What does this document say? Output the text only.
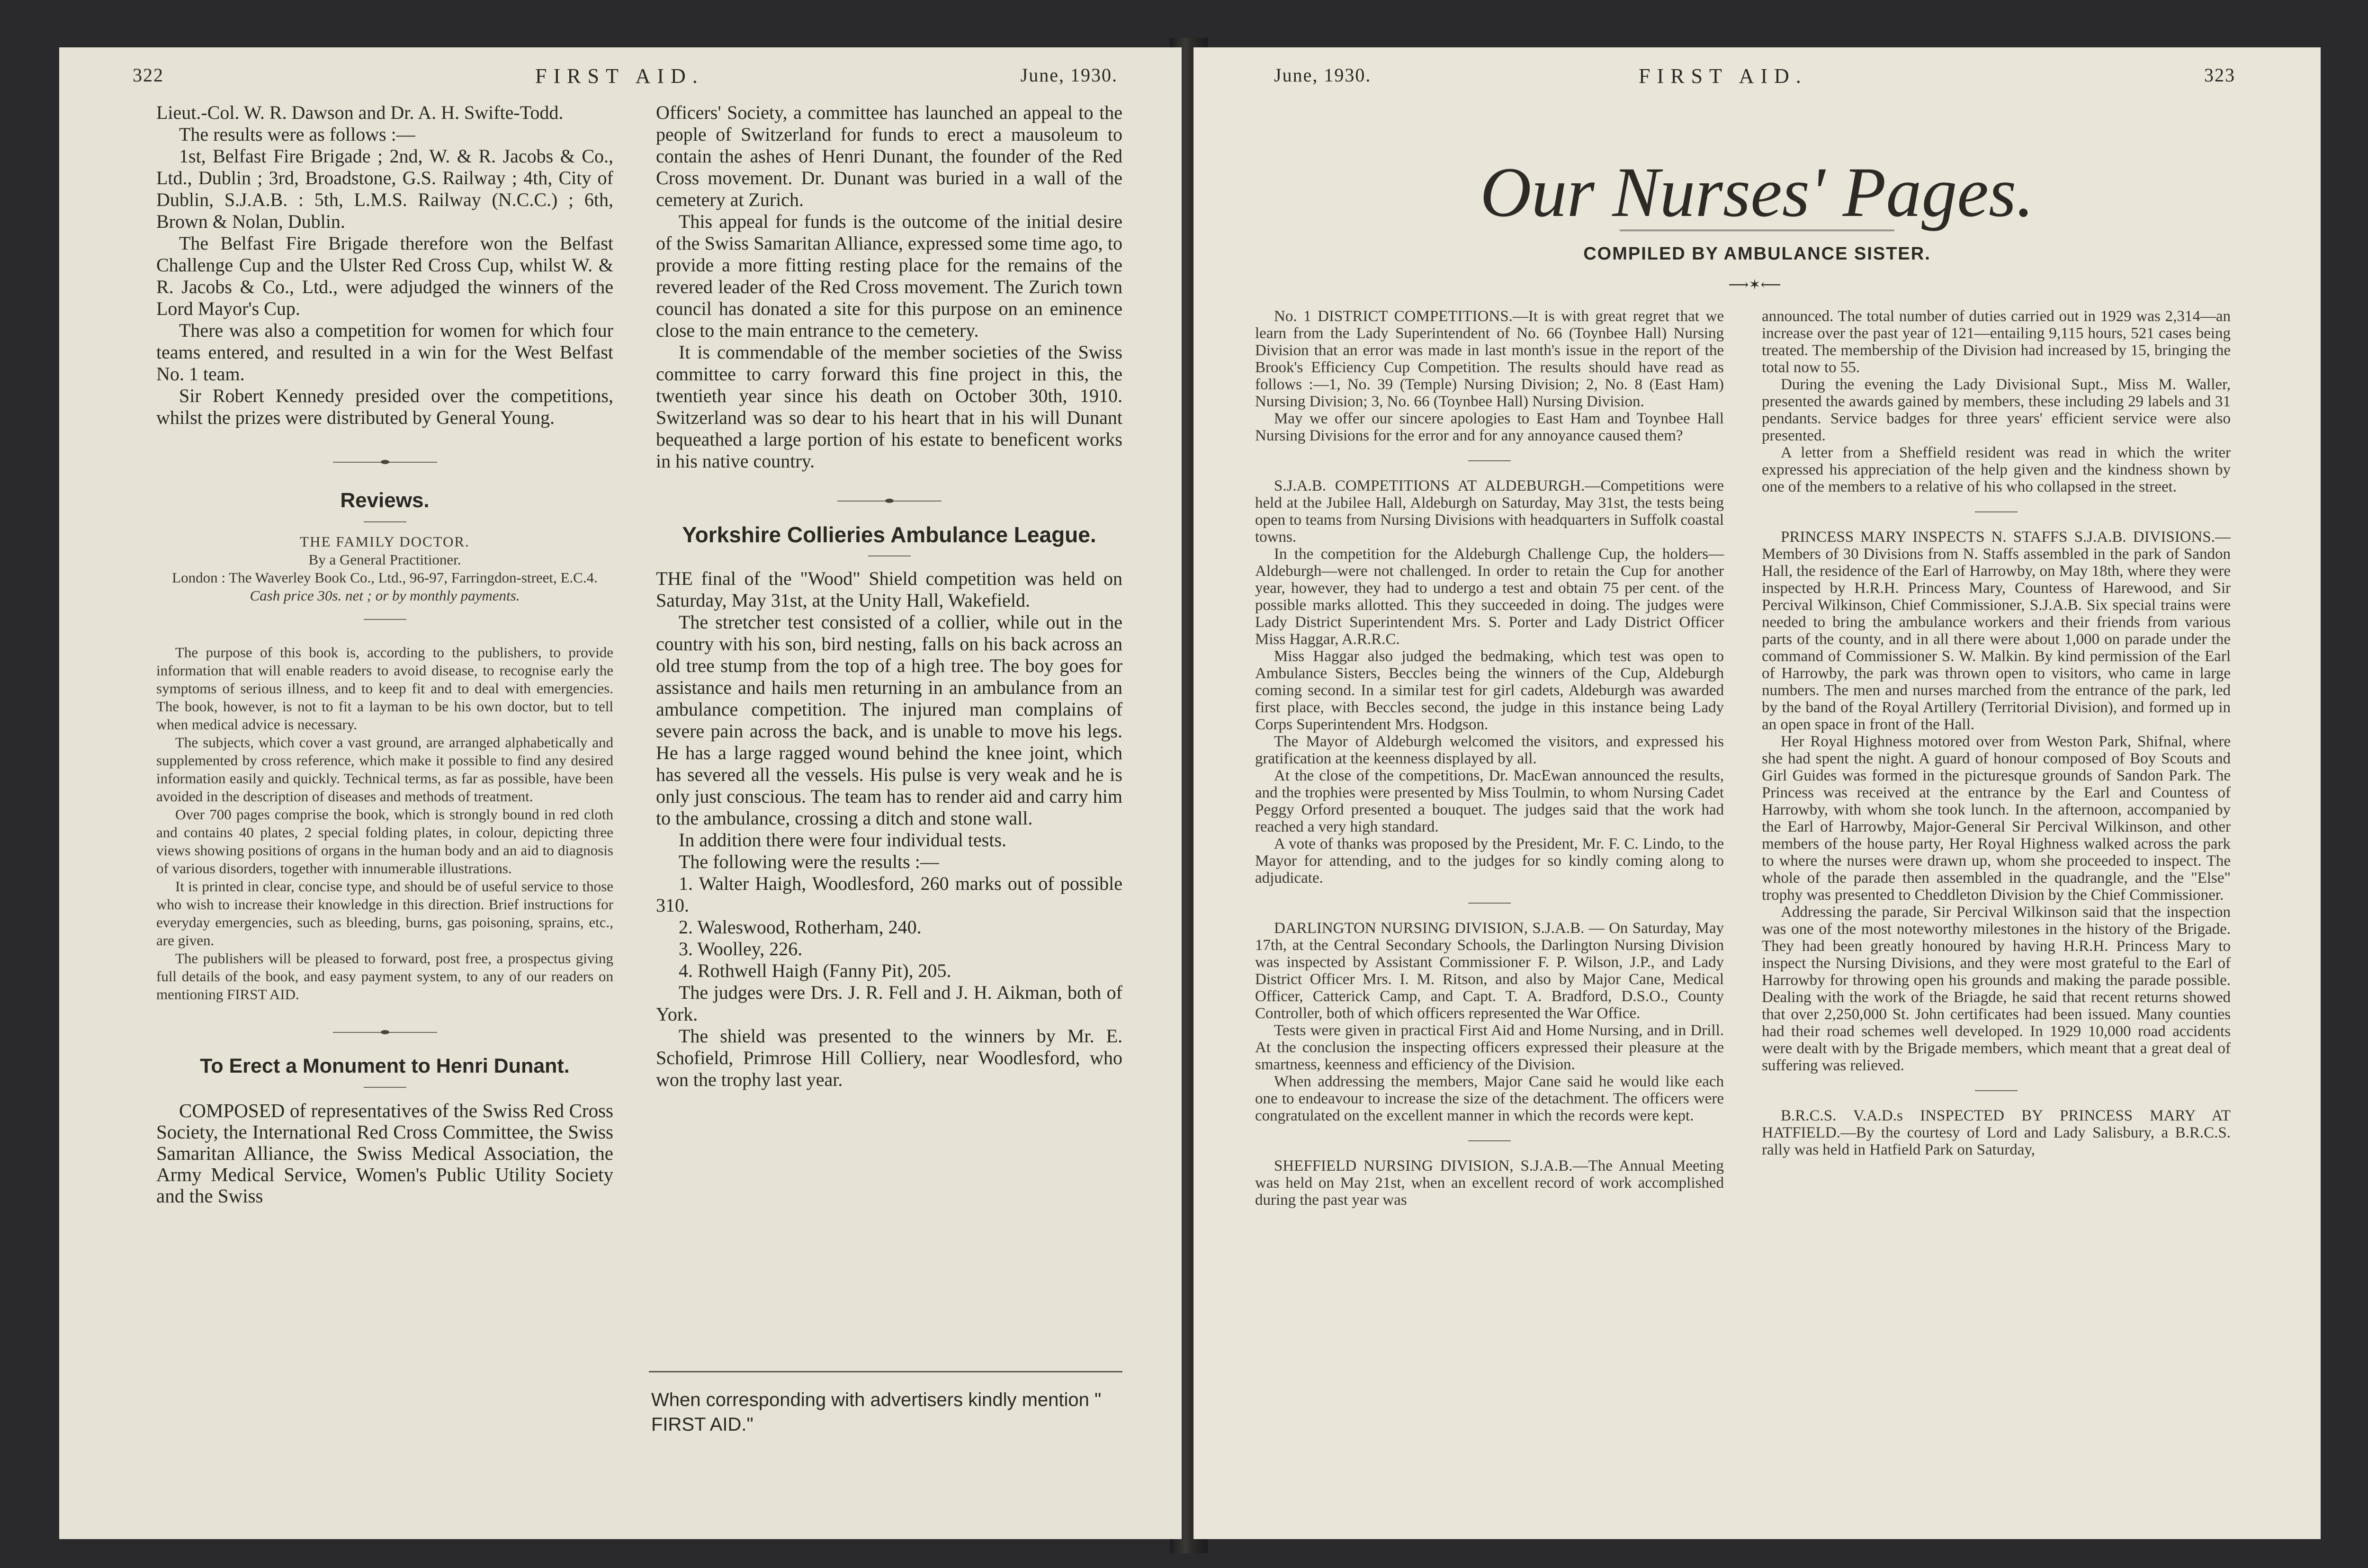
322	FIRST AID.	June, 1930.

Lieut.-Col. W. R. Dawson and Dr. A. H. Swifte-Todd.

The results were as follows :—

1st, Belfast Fire Brigade ; 2nd, W. & R. Jacobs & Co., Ltd., Dublin ; 3rd, Broadstone, G.S. Railway ; 4th, City of Dublin, S.J.A.B. : 5th, L.M.S. Railway (N.C.C.) ; 6th, Brown & Nolan, Dublin.

The Belfast Fire Brigade therefore won the Belfast Challenge Cup and the Ulster Red Cross Cup, whilst W. & R. Jacobs & Co., Ltd., were adjudged the winners of the Lord Mayor's Cup.

There was also a competition for women for which four teams entered, and resulted in a win for the West Belfast No. 1 team.

Sir Robert Kennedy presided over the competitions, whilst the prizes were distributed by General Young.

Reviews.

THE FAMILY DOCTOR.

By a General Practitioner.

London : The Waverley Book Co., Ltd., 96-97, Farringdon-street, E.C.4.

Cash price 30s. net ; or by monthly payments.

The purpose of this book is, according to the publishers, to provide information that will enable readers to avoid disease, to recognise early the symptoms of serious illness, and to keep fit and to deal with emergencies. The book, however, is not to fit a layman to be his own doctor, but to tell when medical advice is necessary.

The subjects, which cover a vast ground, are arranged alphabetically and supplemented by cross reference, which make it possible to find any desired information easily and quickly. Technical terms, as far as possible, have been avoided in the description of diseases and methods of treatment.

Over 700 pages comprise the book, which is strongly bound in red cloth and contains 40 plates, 2 special folding plates, in colour, depicting three views showing positions of organs in the human body and an aid to diagnosis of various disorders, together with innumerable illustrations.

It is printed in clear, concise type, and should be of useful service to those who wish to increase their knowledge in this direction. Brief instructions for everyday emergencies, such as bleeding, burns, gas poisoning, sprains, etc., are given.

The publishers will be pleased to forward, post free, a prospectus giving full details of the book, and easy payment system, to any of our readers on mentioning FIRST AID.

To Erect a Monument to Henri Dunant.

COMPOSED of representatives of the Swiss Red Cross Society, the International Red Cross Committee, the Swiss Samaritan Alliance, the Swiss Medical Association, the Army Medical Service, Women's Public Utility Society and the Swiss

Officers' Society, a committee has launched an appeal to the people of Switzerland for funds to erect a mausoleum to contain the ashes of Henri Dunant, the founder of the Red Cross movement. Dr. Dunant was buried in a wall of the cemetery at Zurich.

This appeal for funds is the outcome of the initial desire of the Swiss Samaritan Alliance, expressed some time ago, to provide a more fitting resting place for the remains of the revered leader of the Red Cross movement. The Zurich town council has donated a site for this purpose on an eminence close to the main entrance to the cemetery.

It is commendable of the member societies of the Swiss committee to carry forward this fine project in this, the twentieth year since his death on October 30th, 1910. Switzerland was so dear to his heart that in his will Dunant bequeathed a large portion of his estate to beneficent works in his native country.

Yorkshire Collieries Ambulance League.

THE final of the "Wood" Shield competition was held on Saturday, May 31st, at the Unity Hall, Wakefield.

The stretcher test consisted of a collier, while out in the country with his son, bird nesting, falls on his back across an old tree stump from the top of a high tree. The boy goes for assistance and hails men returning in an ambulance from an ambulance competition. The injured man complains of severe pain across the back, and is unable to move his legs. He has a large ragged wound behind the knee joint, which has severed all the vessels. His pulse is very weak and he is only just conscious. The team has to render aid and carry him to the ambulance, crossing a ditch and stone wall.

In addition there were four individual tests.

The following were the results :—

1. Walter Haigh, Woodlesford, 260 marks out of possible 310.

2. Waleswood, Rotherham, 240.

3. Woolley, 226.

4. Rothwell Haigh (Fanny Pit), 205.

The judges were Drs. J. R. Fell and J. H. Aikman, both of York.

The shield was presented to the winners by Mr. E. Schofield, Primrose Hill Colliery, near Woodlesford, who won the trophy last year.

When corresponding with advertisers kindly mention " FIRST AID."
June, 1930.	FIRST AID.	323

Our Nurses' Pages.

COMPILED BY AMBULANCE SISTER.

⟶✶⟵

No. 1 DISTRICT COMPETITIONS.—It is with great regret that we learn from the Lady Superintendent of No. 66 (Toynbee Hall) Nursing Division that an error was made in last month's issue in the report of the Brook's Efficiency Cup Competition. The results should have read as follows :—1, No. 39 (Temple) Nursing Division; 2, No. 8 (East Ham) Nursing Division; 3, No. 66 (Toynbee Hall) Nursing Division.

May we offer our sincere apologies to East Ham and Toynbee Hall Nursing Divisions for the error and for any annoyance caused them?

S.J.A.B. COMPETITIONS AT ALDEBURGH.—Competitions were held at the Jubilee Hall, Aldeburgh on Saturday, May 31st, the tests being open to teams from Nursing Divisions with headquarters in Suffolk coastal towns.

In the competition for the Aldeburgh Challenge Cup, the holders—Aldeburgh—were not challenged. In order to retain the Cup for another year, however, they had to undergo a test and obtain 75 per cent. of the possible marks allotted. This they succeeded in doing. The judges were Lady District Superintendent Mrs. S. Porter and Lady District Officer Miss Haggar, A.R.R.C.

Miss Haggar also judged the bedmaking, which test was open to Ambulance Sisters, Beccles being the winners of the Cup, Aldeburgh coming second. In a similar test for girl cadets, Aldeburgh was awarded first place, with Beccles second, the judge in this instance being Lady Corps Superintendent Mrs. Hodgson.

The Mayor of Aldeburgh welcomed the visitors, and expressed his gratification at the keenness displayed by all.

At the close of the competitions, Dr. MacEwan announced the results, and the trophies were presented by Miss Toulmin, to whom Nursing Cadet Peggy Orford presented a bouquet. The judges said that the work had reached a very high standard.

A vote of thanks was proposed by the President, Mr. F. C. Lindo, to the Mayor for attending, and to the judges for so kindly coming along to adjudicate.

DARLINGTON NURSING DIVISION, S.J.A.B. — On Saturday, May 17th, at the Central Secondary Schools, the Darlington Nursing Division was inspected by Assistant Commissioner F. P. Wilson, J.P., and Lady District Officer Mrs. I. M. Ritson, and also by Major Cane, Medical Officer, Catterick Camp, and Capt. T. A. Bradford, D.S.O., County Controller, both of which officers represented the War Office.

Tests were given in practical First Aid and Home Nursing, and in Drill. At the conclusion the inspecting officers expressed their pleasure at the smartness, keenness and efficiency of the Division.

When addressing the members, Major Cane said he would like each one to endeavour to increase the size of the detachment. The officers were congratulated on the excellent manner in which the records were kept.

SHEFFIELD NURSING DIVISION, S.J.A.B.—The Annual Meeting was held on May 21st, when an excellent record of work accomplished during the past year was

announced. The total number of duties carried out in 1929 was 2,314—an increase over the past year of 121—entailing 9,115 hours, 521 cases being treated. The membership of the Division had increased by 15, bringing the total now to 55.

During the evening the Lady Divisional Supt., Miss M. Waller, presented the awards gained by members, these including 29 labels and 31 pendants. Service badges for three years' efficient service were also presented.

A letter from a Sheffield resident was read in which the writer expressed his appreciation of the help given and the kindness shown by one of the members to a relative of his who collapsed in the street.

PRINCESS MARY INSPECTS N. STAFFS S.J.A.B. DIVISIONS.—Members of 30 Divisions from N. Staffs assembled in the park of Sandon Hall, the residence of the Earl of Harrowby, on May 18th, where they were inspected by H.R.H. Princess Mary, Countess of Harewood, and Sir Percival Wilkinson, Chief Commissioner, S.J.A.B. Six special trains were needed to bring the ambulance workers and their friends from various parts of the county, and in all there were about 1,000 on parade under the command of Commissioner S. W. Malkin. By kind permission of the Earl of Harrowby, the park was thrown open to visitors, who came in large numbers. The men and nurses marched from the entrance of the park, led by the band of the Royal Artillery (Territorial Division), and formed up in an open space in front of the Hall.

Her Royal Highness motored over from Weston Park, Shifnal, where she had spent the night. A guard of honour composed of Boy Scouts and Girl Guides was formed in the picturesque grounds of Sandon Park. The Princess was received at the entrance by the Earl and Countess of Harrowby, with whom she took lunch. In the afternoon, accompanied by the Earl of Harrowby, Major-General Sir Percival Wilkinson, and other members of the house party, Her Royal Highness walked across the park to where the nurses were drawn up, whom she proceeded to inspect. The whole of the parade then assembled in the quadrangle, and the "Else" trophy was presented to Cheddleton Division by the Chief Commissioner.

Addressing the parade, Sir Percival Wilkinson said that the inspection was one of the most noteworthy milestones in the history of the Brigade. They had been greatly honoured by having H.R.H. Princess Mary to inspect the Nursing Divisions, and they were most grateful to the Earl of Harrowby for throwing open his grounds and making the parade possible. Dealing with the work of the Briagde, he said that recent returns showed that over 2,250,000 St. John certificates had been issued. Many counties had their road schemes well developed. In 1929 10,000 road accidents were dealt with by the Brigade members, which meant that a great deal of suffering was relieved.

B.R.C.S. V.A.D.s INSPECTED BY PRINCESS MARY AT HATFIELD.—By the courtesy of Lord and Lady Salisbury, a B.R.C.S. rally was held in Hatfield Park on Saturday,
